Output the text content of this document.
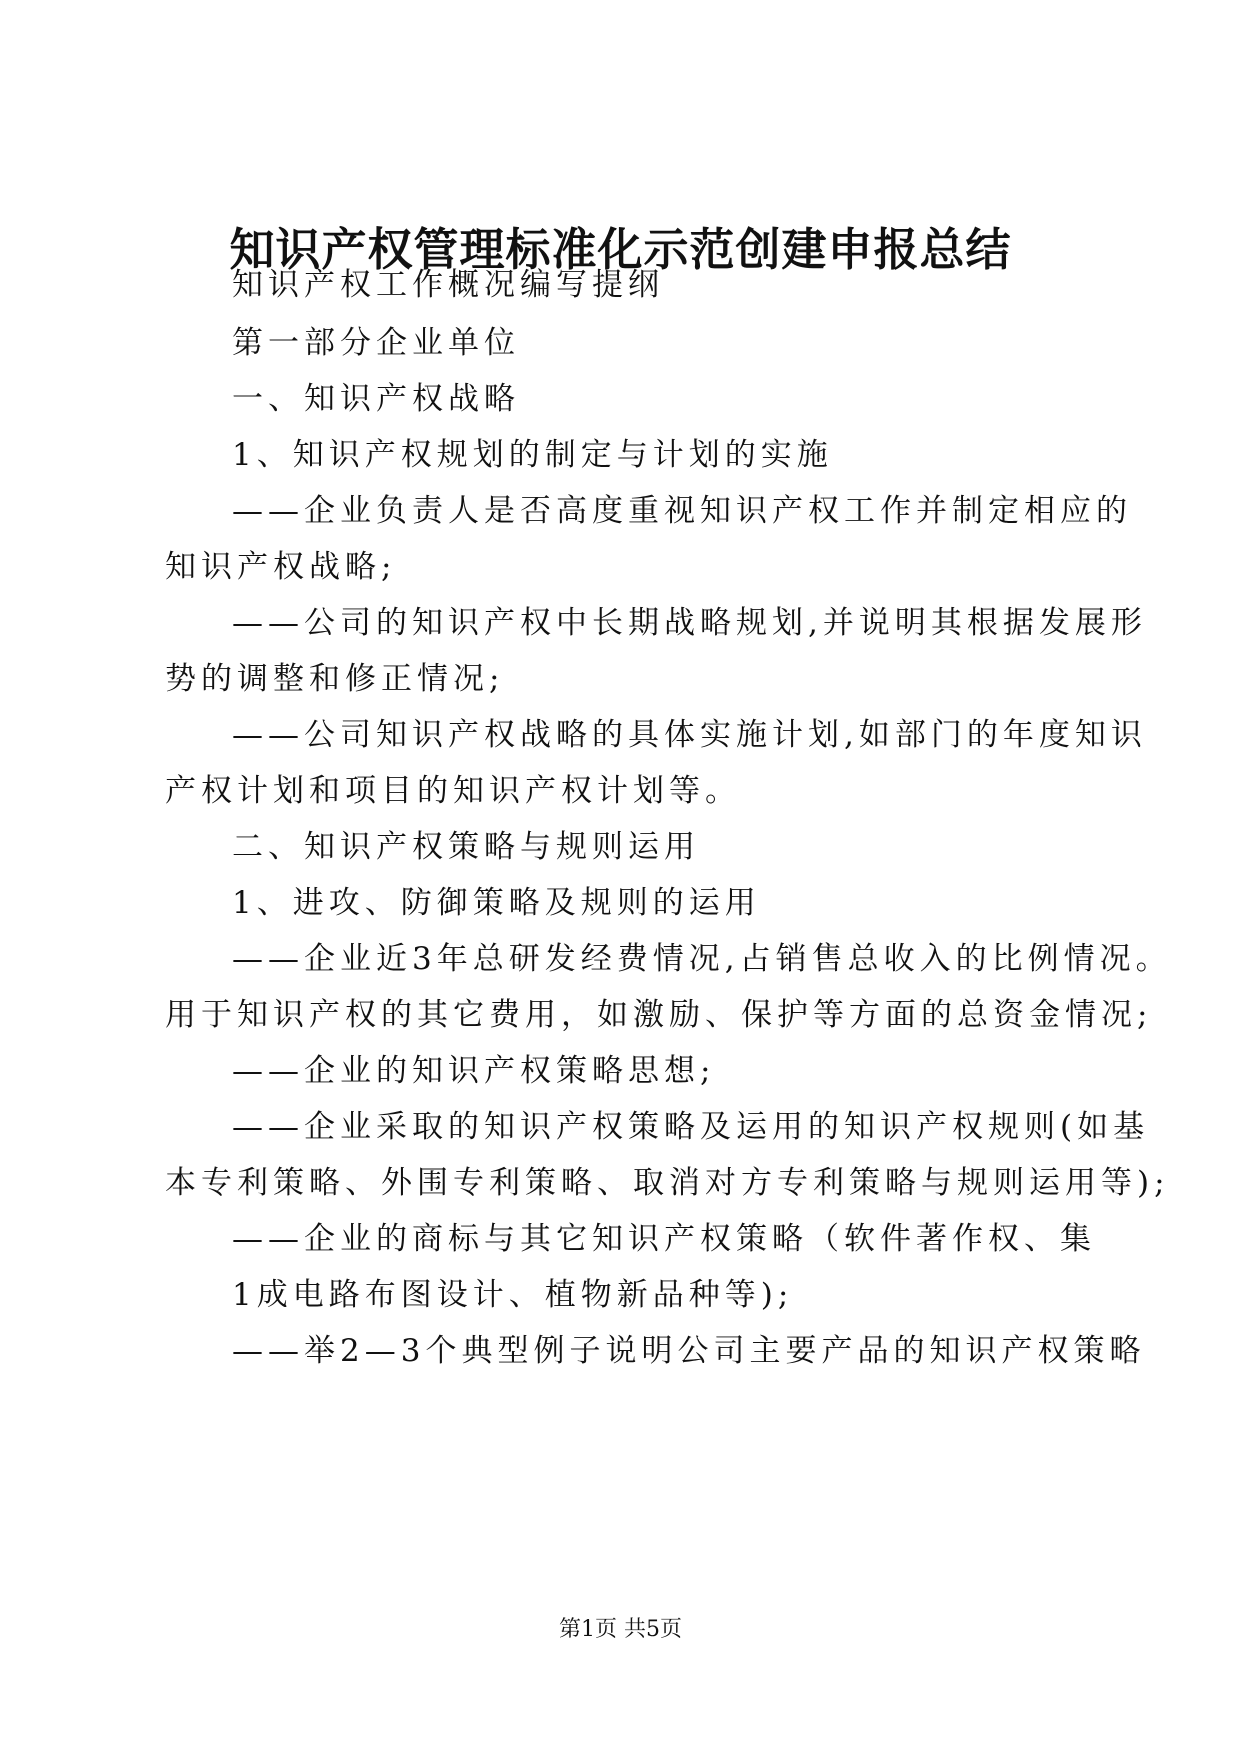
知识产权管理标准化示范创建申报总结

知识产权工作概况编写提纲

第一部分企业单位

一、知识产权战略

1、知识产权规划的制定与计划的实施

——企业负责人是否高度重视知识产权工作并制定相应的

知识产权战略;

——公司的知识产权中长期战略规划,并说明其根据发展形

势的调整和修正情况;

——公司知识产权战略的具体实施计划,如部门的年度知识

产权计划和项目的知识产权计划等。

二、知识产权策略与规则运用

1、进攻、防御策略及规则的运用

——企业近3年总研发经费情况,占销售总收入的比例情况。

用于知识产权的其它费用，如激励、保护等方面的总资金情况;

——企业的知识产权策略思想;

——企业采取的知识产权策略及运用的知识产权规则(如基

本专利策略、外围专利策略、取消对方专利策略与规则运用等);

——企业的商标与其它知识产权策略（软件著作权、集

1成电路布图设计、植物新品种等);

——举2—3个典型例子说明公司主要产品的知识产权策略

第1页 共5页
